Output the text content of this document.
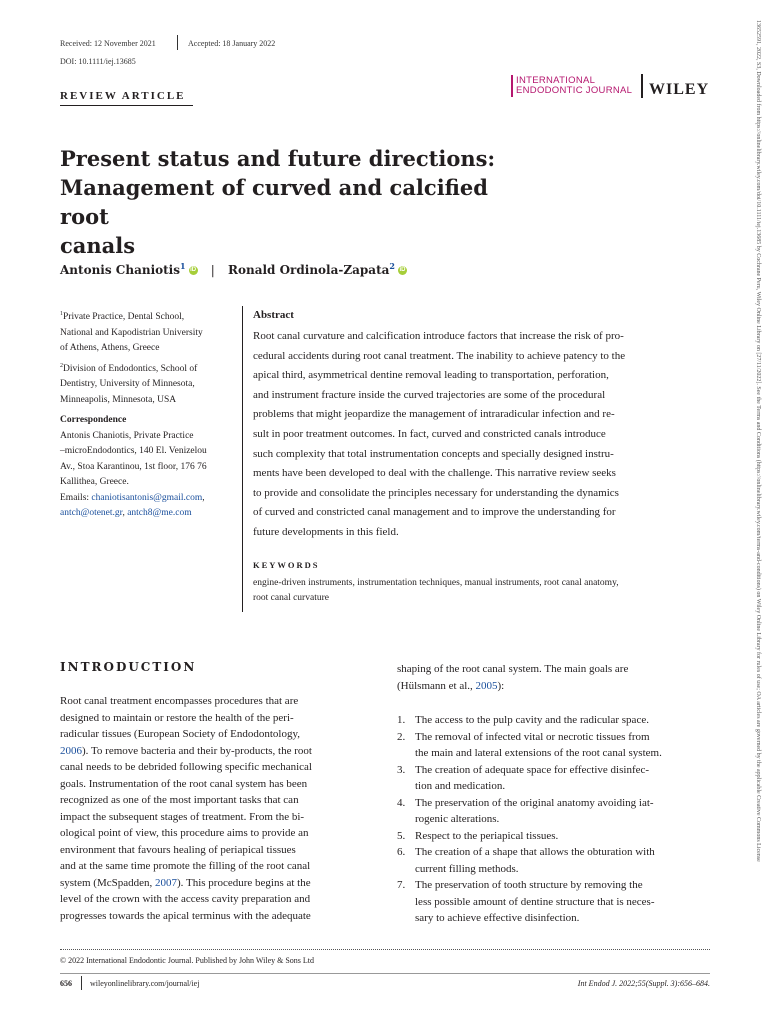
Received: 12 November 2021	Accepted: 18 January 2022
DOI: 10.1111/iej.13685
REVIEW ARTICLE
INTERNATIONAL
ENDODONTIC JOURNAL WILEY
Present status and future directions:
Management of curved and calcified root
canals
Antonis Chaniotis$^1$ iD | Ronald Ordinola-Zapata$^2$ iD
$^1$Private Practice, Dental School,
National and Kapodistrian University
of Athens, Athens, Greece
$^2$Division of Endodontics, School of
Dentistry, University of Minnesota,
Minneapolis, Minnesota, USA
Correspondence
Antonis Chaniotis, Private Practice
–microEndodontics, 140 El. Venizelou
Av., Stoa Karantinou, 1st floor, 176 76
Kallithea, Greece.
Emails: chaniotisantonis@gmail.com,
antch@otenet.gr, antch8@me.com
Abstract
Root canal curvature and calcification introduce factors that increase the risk of pro-
cedural accidents during root canal treatment. The inability to achieve patency to the
apical third, asymmetrical dentine removal leading to transportation, perforation,
and instrument fracture inside the curved trajectories are some of the procedural
problems that might jeopardize the management of intraradicular infection and re-
sult in poor treatment outcomes. In fact, curved and constricted canals introduce
such complexity that total instrumentation concepts and specially designed instru-
ments have been developed to deal with the challenge. This narrative review seeks
to provide and consolidate the principles necessary for understanding the dynamics
of curved and constricted canal management and to improve the understanding for
future developments in this field.
KEYWORDS
engine-driven instruments, instrumentation techniques, manual instruments, root canal anatomy,
root canal curvature
INTRODUCTION
Root canal treatment encompasses procedures that are
designed to maintain or restore the health of the peri-
radicular tissues (European Society of Endodontology,
2006). To remove bacteria and their by-products, the root
canal needs to be debrided following specific mechanical
goals. Instrumentation of the root canal system has been
recognized as one of the most important tasks that can
impact the subsequent stages of treatment. From the bi-
ological point of view, this procedure aims to provide an
environment that favours healing of periapical tissues
and at the same time promote the filling of the root canal
system (McSpadden, 2007). This procedure begins at the
level of the crown with the access cavity preparation and
progresses towards the apical terminus with the adequate
shaping of the root canal system. The main goals are
(Hülsmann et al., 2005):
1. The access to the pulp cavity and the radicular space.
2. The removal of infected vital or necrotic tissues from
the main and lateral extensions of the root canal system.
3. The creation of adequate space for effective disinfec-
tion and medication.
4. The preservation of the original anatomy avoiding iat-
rogenic alterations.
5. Respect to the periapical tissues.
6. The creation of a shape that allows the obturation with
current filling methods.
7. The preservation of tooth structure by removing the
less possible amount of dentine structure that is neces-
sary to achieve effective disinfection.
© 2022 International Endodontic Journal. Published by John Wiley & Sons Ltd
656 wileyonlinelibrary.com/journal/iej	Int Endod J. 2022;55(Suppl. 3):656–684.
13652591, 2022, S3, Downloaded from https://onlinelibrary.wiley.com/doi/10.1111/iej.13685 by Cochrane Peru, Wiley Online Library on [27/11/2022]. See the Terms and Conditions (https://onlinelibrary.wiley.com/terms-and-conditions) on Wiley Online Library for rules of use; OA articles are governed by the applicable Creative Commons License
